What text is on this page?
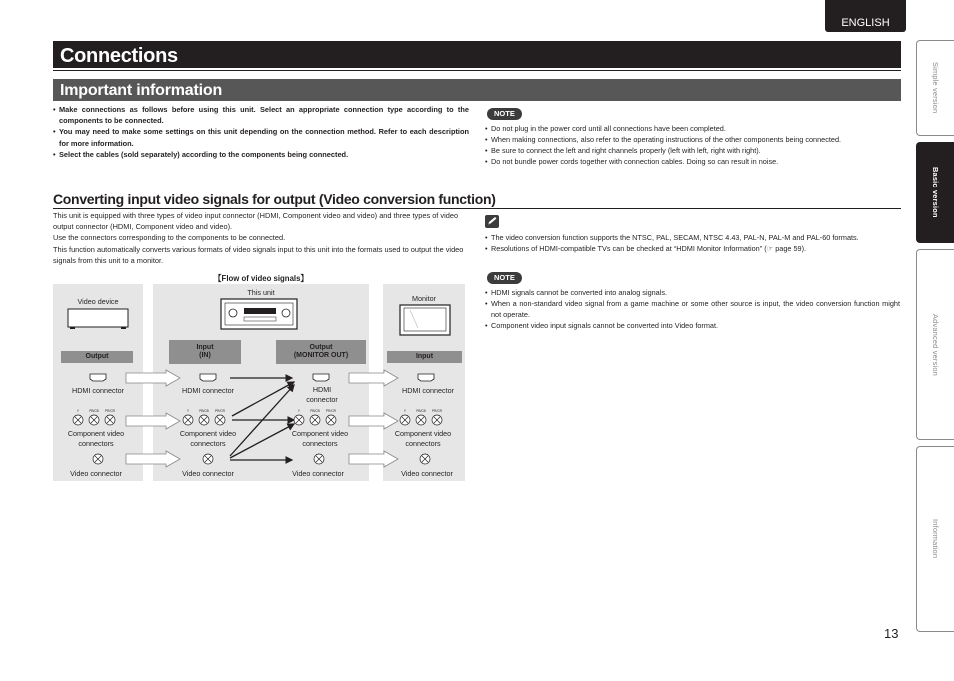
ENGLISH
Connections
Important information
• Make connections as follows before using this unit. Select an appropriate connection type according to the components to be connected.
• You may need to make some settings on this unit depending on the connection method. Refer to each description for more information.
• Select the cables (sold separately) according to the components being connected.
NOTE
• Do not plug in the power cord until all connections have been completed.
• When making connections, also refer to the operating instructions of the other components being connected.
• Be sure to connect the left and right channels properly (left with left, right with right).
• Do not bundle power cords together with connection cables. Doing so can result in noise.
Converting input video signals for output (Video conversion function)

This unit is equipped with three types of video input connector (HDMI, Component video and video) and three types of video output connector (HDMI, Component video and video).

Use the connectors corresponding to the components to be connected.

This function automatically converts various formats of video signals input to this unit into the formats used to output the video signals from this unit to a monitor.

• The video conversion function supports the NTSC, PAL, SECAM, NTSC 4.43, PAL-N, PAL-M and PAL-60 formats.
• Resolutions of HDMI-compatible TVs can be checked at “HDMI Monitor Information” (☞ page 59).
NOTE
• HDMI signals cannot be converted into analog signals.
• When a non-standard video signal from a game machine or some other source is input, the video conversion function might not operate.
• Component video input signals cannot be converted into Video format.
【Flow of video signals】
Video device
This unit
Monitor
Output
Input
(IN)
Output
(MONITOR OUT)	Input
HDMI connector	HDMI connector	HDMI
connector
HDMI connector
Component video
connectors
Component video
connectors
Component video
connectors
Component video
connectors
Video connector	Video connector	Video connector	Video connector
Y	PB/CB PR/CR	Y	PB/CB PR/CR	Y	PB/CB PR/CR	Y	PB/CB PR/CR
Simple version
Basic version
Advanced version
Information
13
